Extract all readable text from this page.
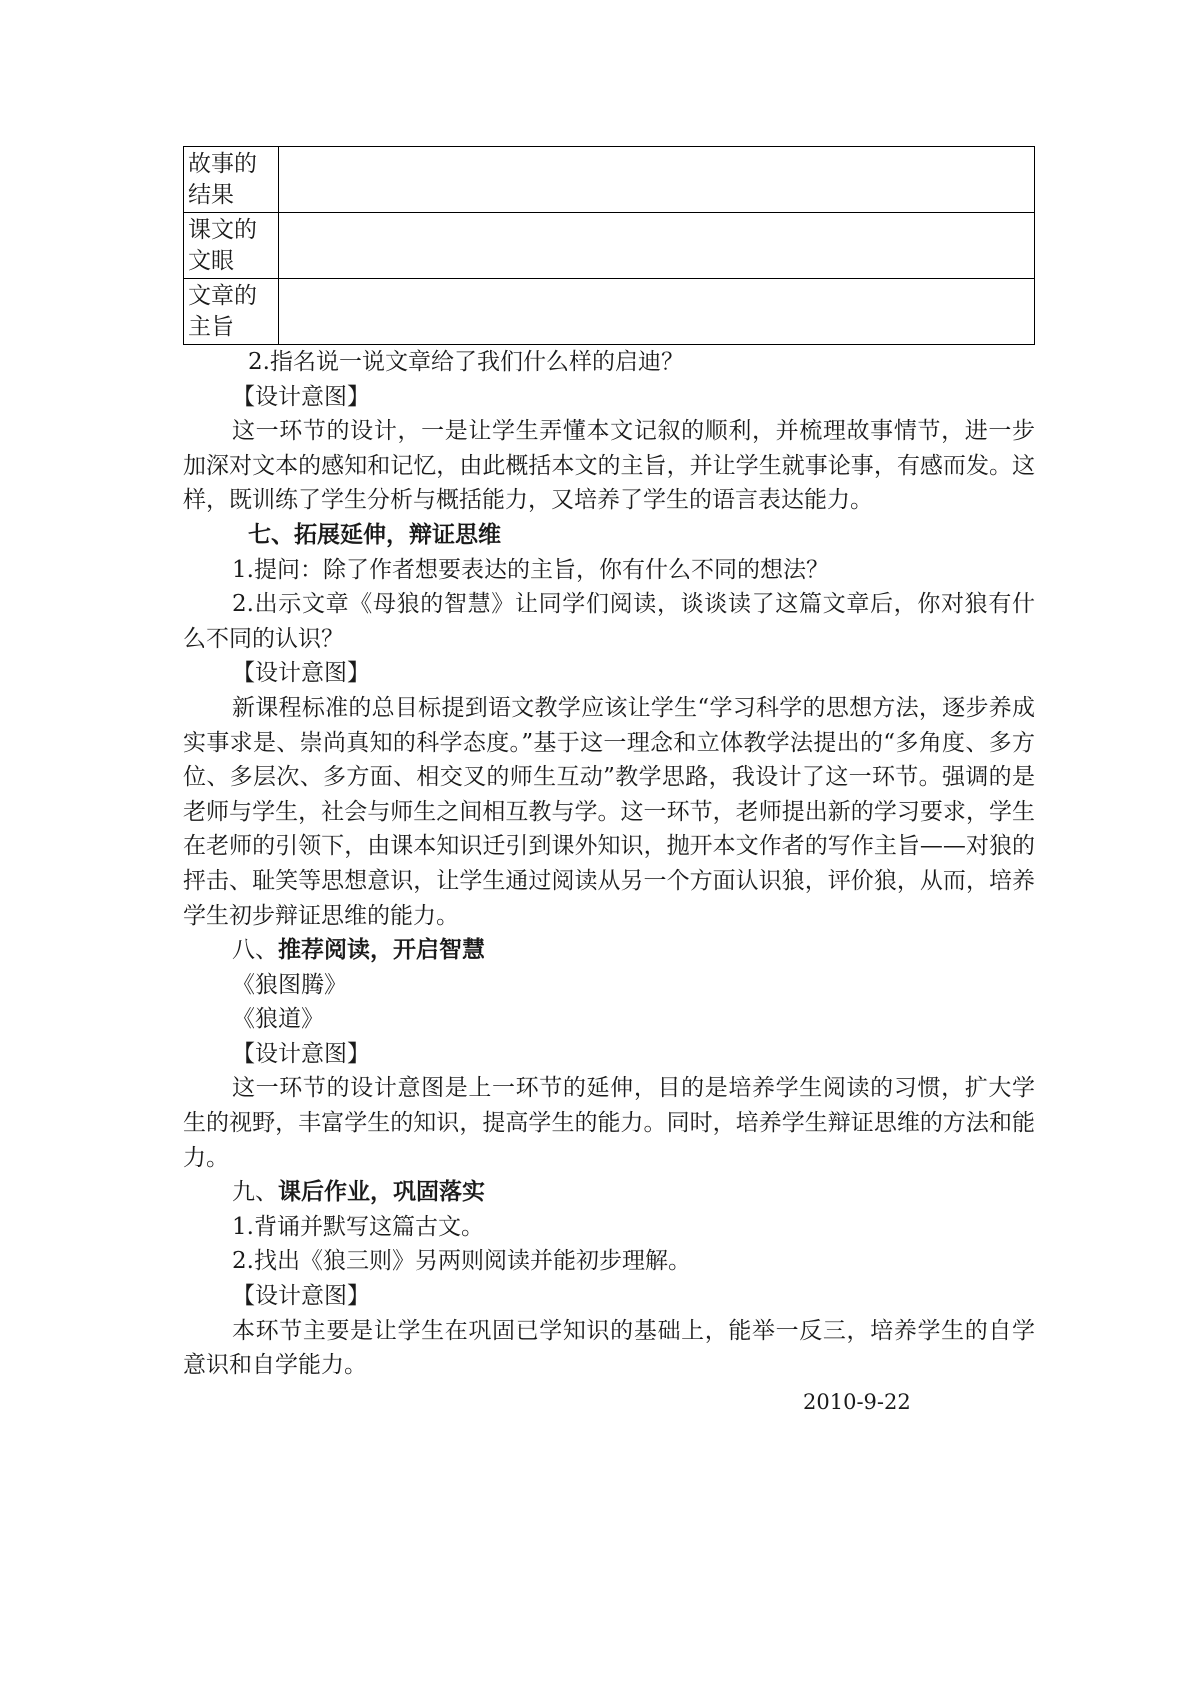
故事的
结果	

课文的
文眼	

文章的
主旨	

2.指名说一说文章给了我们什么样的启迪？

【设计意图】

这一环节的设计，一是让学生弄懂本文记叙的顺利，并梳理故事情节，进一步加深对文本的感知和记忆，由此概括本文的主旨，并让学生就事论事，有感而发。这样，既训练了学生分析与概括能力，又培养了学生的语言表达能力。

七、拓展延伸，辩证思维

1.提问：除了作者想要表达的主旨，你有什么不同的想法？

2.出示文章《母狼的智慧》让同学们阅读，谈谈读了这篇文章后，你对狼有什么不同的认识？

【设计意图】

新课程标准的总目标提到语文教学应该让学生“学习科学的思想方法，逐步养成实事求是、崇尚真知的科学态度。”基于这一理念和立体教学法提出的“多角度、多方位、多层次、多方面、相交叉的师生互动”教学思路，我设计了这一环节。强调的是老师与学生，社会与师生之间相互教与学。这一环节，老师提出新的学习要求，学生在老师的引领下，由课本知识迁引到课外知识，抛开本文作者的写作主旨——对狼的抨击、耻笑等思想意识，让学生通过阅读从另一个方面认识狼，评价狼，从而，培养学生初步辩证思维的能力。

八、推荐阅读，开启智慧

《狼图腾》

《狼道》

【设计意图】

这一环节的设计意图是上一环节的延伸，目的是培养学生阅读的习惯，扩大学生的视野，丰富学生的知识，提高学生的能力。同时，培养学生辩证思维的方法和能力。

九、课后作业，巩固落实

1.背诵并默写这篇古文。

2.找出《狼三则》另两则阅读并能初步理解。

【设计意图】

本环节主要是让学生在巩固已学知识的基础上，能举一反三，培养学生的自学意识和自学能力。

2010-9-22
